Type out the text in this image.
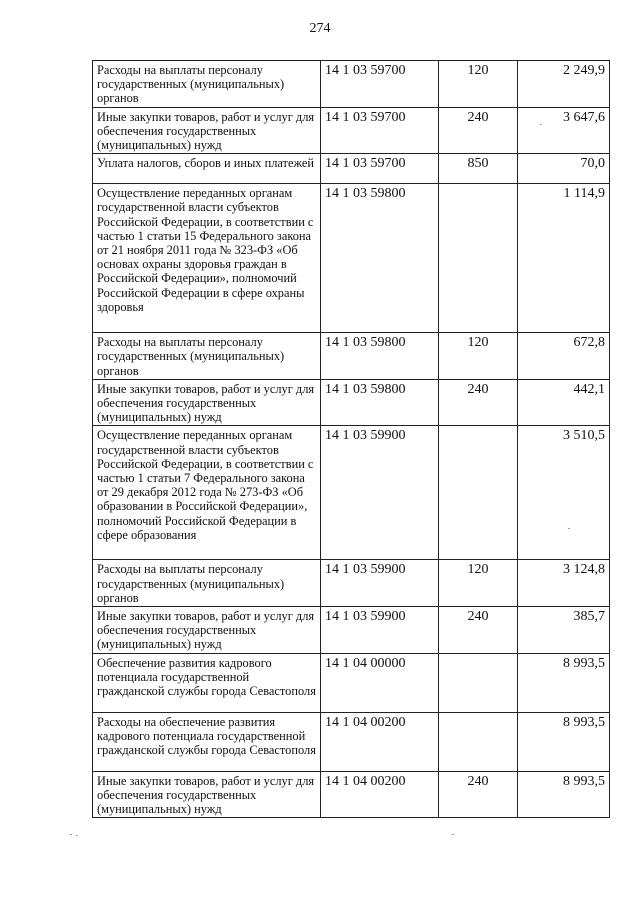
274
Расходы на выплаты персоналу государственных (муниципальных) органов	14 1 03 59700	120	2 249,9
Иные закупки товаров, работ и услуг для обеспечения государственных (муниципальных) нужд	14 1 03 59700	240	3 647,6
Уплата налогов, сборов и иных платежей	14 1 03 59700	850	70,0
Осуществление переданных органам государственной власти субъектов Российской Федерации, в соответствии с частью 1 статьи 15 Федерального закона от 21 ноября 2011 года № 323-ФЗ «Об основах охраны здоровья граждан в Российской Федерации», полномочий Российской Федерации в сфере охраны здоровья	14 1 03 59800		1 114,9
Расходы на выплаты персоналу государственных (муниципальных) органов	14 1 03 59800	120	672,8
Иные закупки товаров, работ и услуг для обеспечения государственных (муниципальных) нужд	14 1 03 59800	240	442,1
Осуществление переданных органам государственной власти субъектов Российской Федерации, в соответствии с частью 1 статьи 7 Федерального закона от 29 декабря 2012 года № 273-ФЗ «Об образовании в Российской Федерации», полномочий Российской Федерации в сфере образования	14 1 03 59900		3 510,5
Расходы на выплаты персоналу государственных (муниципальных) органов	14 1 03 59900	120	3 124,8
Иные закупки товаров, работ и услуг для обеспечения государственных (муниципальных) нужд	14 1 03 59900	240	385,7
Обеспечение развития кадрового потенциала государственной гражданской службы города Севастополя	14 1 04 00000		8 993,5
Расходы на обеспечение развития кадрового потенциала государственной гражданской службы города Севастополя	14 1 04 00200		8 993,5
Иные закупки товаров, работ и услуг для обеспечения государственных (муниципальных) нужд	14 1 04 00200	240	8 993,5
